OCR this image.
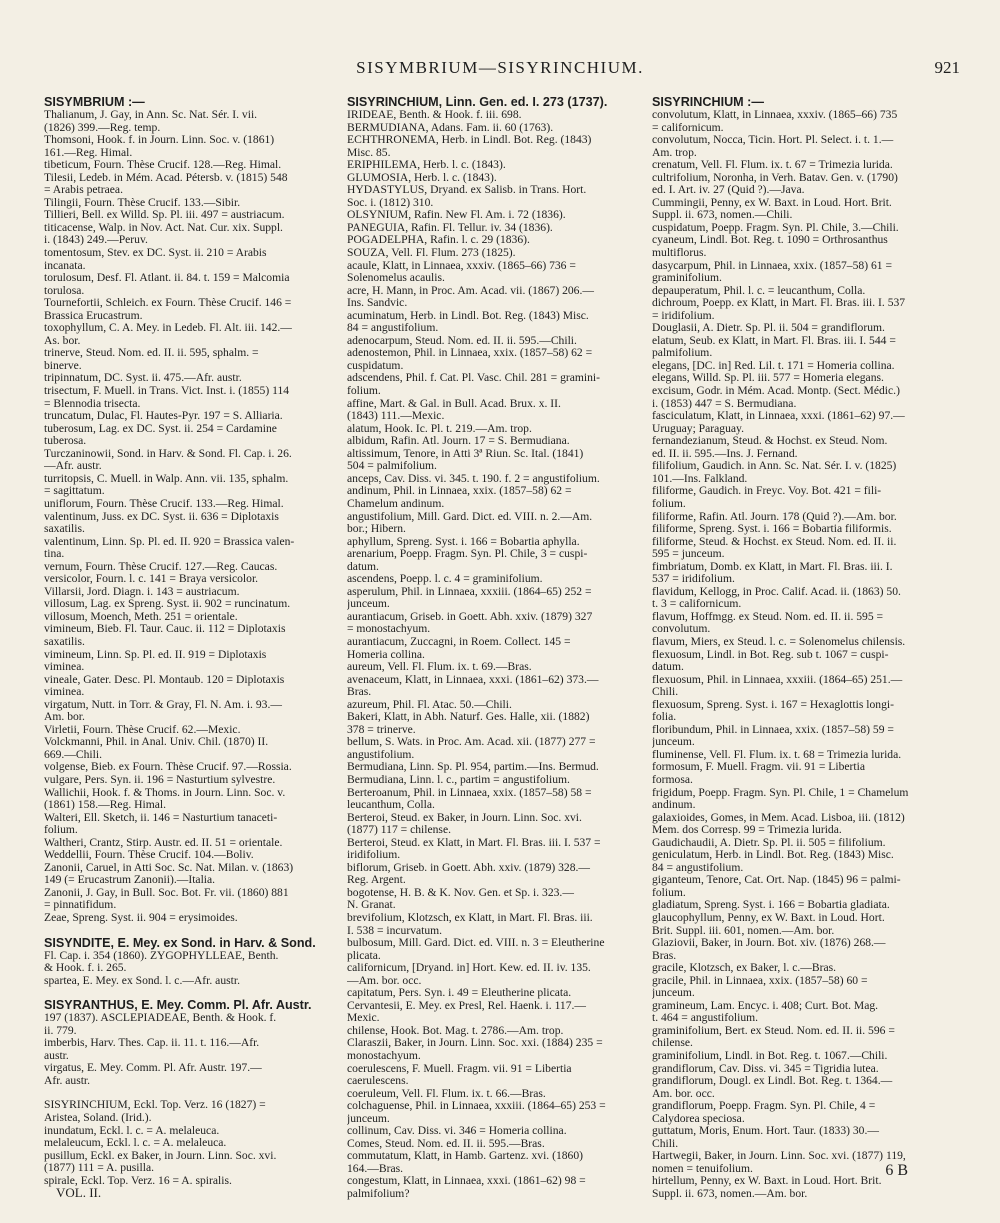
SISYMBRIUM—SISYRINCHIUM.	921
SISYMBRIUM :—
Thalianum, J. Gay, in Ann. Sc. Nat. Sér. I. vii.
(1826) 399.—Reg. temp.
Thomsoni, Hook. f. in Journ. Linn. Soc. v. (1861)
161.—Reg. Himal.
tibeticum, Fourn. Thèse Crucif. 128.—Reg. Himal.
Tilesii, Ledeb. in Mém. Acad. Pétersb. v. (1815) 548
= Arabis petraea.
Tilingii, Fourn. Thèse Crucif. 133.—Sibir.
Tillieri, Bell. ex Willd. Sp. Pl. iii. 497 = austriacum.
titicacense, Walp. in Nov. Act. Nat. Cur. xix. Suppl.
i. (1843) 249.—Peruv.
tomentosum, Stev. ex DC. Syst. ii. 210 = Arabis
incanata.
torulosum, Desf. Fl. Atlant. ii. 84. t. 159 = Malcomia
torulosa.
Tournefortii, Schleich. ex Fourn. Thèse Crucif. 146 =
Brassica Erucastrum.
toxophyllum, C. A. Mey. in Ledeb. Fl. Alt. iii. 142.—
As. bor.
trinerve, Steud. Nom. ed. II. ii. 595, sphalm. =
binerve.
tripinnatum, DC. Syst. ii. 475.—Afr. austr.
trisectum, F. Muell. in Trans. Vict. Inst. i. (1855) 114
= Blennodia trisecta.
truncatum, Dulac, Fl. Hautes-Pyr. 197 = S. Alliaria.
tuberosum, Lag. ex DC. Syst. ii. 254 = Cardamine
tuberosa.
Turczaninowii, Sond. in Harv. & Sond. Fl. Cap. i. 26.
—Afr. austr.
turritopsis, C. Muell. in Walp. Ann. vii. 135, sphalm.
= sagittatum.
uniflorum, Fourn. Thèse Crucif. 133.—Reg. Himal.
valentinum, Juss. ex DC. Syst. ii. 636 = Diplotaxis
saxatilis.
valentinum, Linn. Sp. Pl. ed. II. 920 = Brassica valen-
tina.
vernum, Fourn. Thèse Crucif. 127.—Reg. Caucas.
versicolor, Fourn. l. c. 141 = Braya versicolor.
Villarsii, Jord. Diagn. i. 143 = austriacum.
villosum, Lag. ex Spreng. Syst. ii. 902 = runcinatum.
villosum, Moench, Meth. 251 = orientale.
vimineum, Bieb. Fl. Taur. Cauc. ii. 112 = Diplotaxis
saxatilis.
vimineum, Linn. Sp. Pl. ed. II. 919 = Diplotaxis
viminea.
vineale, Gater. Desc. Pl. Montaub. 120 = Diplotaxis
viminea.
virgatum, Nutt. in Torr. & Gray, Fl. N. Am. i. 93.—
Am. bor.
Virletii, Fourn. Thèse Crucif. 62.—Mexic.
Volckmanni, Phil. in Anal. Univ. Chil. (1870) II.
669.—Chili.
volgense, Bieb. ex Fourn. Thèse Crucif. 97.—Rossia.
vulgare, Pers. Syn. ii. 196 = Nasturtium sylvestre.
Wallichii, Hook. f. & Thoms. in Journ. Linn. Soc. v.
(1861) 158.—Reg. Himal.
Walteri, Ell. Sketch, ii. 146 = Nasturtium tanaceti-
folium.
Waltheri, Crantz, Stirp. Austr. ed. II. 51 = orientale.
Weddellii, Fourn. Thèse Crucif. 104.—Boliv.
Zanonii, Caruel, in Atti Soc. Sc. Nat. Milan. v. (1863)
149 (= Erucastrum Zanonii).—Italia.
Zanonii, J. Gay, in Bull. Soc. Bot. Fr. vii. (1860) 881
= pinnatifidum.
Zeae, Spreng. Syst. ii. 904 = erysimoides.
SISYNDITE, E. Mey. ex Sond. in Harv. & Sond.
Fl. Cap. i. 354 (1860). ZYGOPHYLLEAE, Benth.
& Hook. f. i. 265.
spartea, E. Mey. ex Sond. l. c.—Afr. austr.
SISYRANTHUS, E. Mey. Comm. Pl. Afr. Austr.
197 (1837). ASCLEPIADEAE, Benth. & Hook. f.
ii. 779.
imberbis, Harv. Thes. Cap. ii. 11. t. 116.—Afr.
austr.
virgatus, E. Mey. Comm. Pl. Afr. Austr. 197.—
Afr. austr.
SISYRINCHIUM, Eckl. Top. Verz. 16 (1827) =
Aristea, Soland. (Irid.).
inundatum, Eckl. l. c. = A. melaleuca.
melaleucum, Eckl. l. c. = A. melaleuca.
pusillum, Eckl. ex Baker, in Journ. Linn. Soc. xvi.
(1877) 111 = A. pusilla.
spirale, Eckl. Top. Verz. 16 = A. spiralis.
VOL. II.
SISYRINCHIUM, Linn. Gen. ed. I. 273 (1737).
IRIDEAE, Benth. & Hook. f. iii. 698.
BERMUDIANA, Adans. Fam. ii. 60 (1763).
ECHTHRONEMA, Herb. in Lindl. Bot. Reg. (1843)
Misc. 85.
ERIPHILEMA, Herb. l. c. (1843).
GLUMOSIA, Herb. l. c. (1843).
HYDASTYLUS, Dryand. ex Salisb. in Trans. Hort.
Soc. i. (1812) 310.
OLSYNIUM, Rafin. New Fl. Am. i. 72 (1836).
PANEGUIA, Rafin. Fl. Tellur. iv. 34 (1836).
POGADELPHA, Rafin. l. c. 29 (1836).
SOUZA, Vell. Fl. Flum. 273 (1825).
acaule, Klatt, in Linnaea, xxxiv. (1865–66) 736 =
Solenomelus acaulis.
acre, H. Mann, in Proc. Am. Acad. vii. (1867) 206.—
Ins. Sandvic.
acuminatum, Herb. in Lindl. Bot. Reg. (1843) Misc.
84 = angustifolium.
adenocarpum, Steud. Nom. ed. II. ii. 595.—Chili.
adenostemon, Phil. in Linnaea, xxix. (1857–58) 62 =
cuspidatum.
adscendens, Phil. f. Cat. Pl. Vasc. Chil. 281 = gramini-
folium.
affine, Mart. & Gal. in Bull. Acad. Brux. x. II.
(1843) 111.—Mexic.
alatum, Hook. Ic. Pl. t. 219.—Am. trop.
albidum, Rafin. Atl. Journ. 17 = S. Bermudiana.
altissimum, Tenore, in Atti 3ª Riun. Sc. Ital. (1841)
504 = palmifolium.
anceps, Cav. Diss. vi. 345. t. 190. f. 2 = angustifolium.
andinum, Phil. in Linnaea, xxix. (1857–58) 62 =
Chamelum andinum.
angustifolium, Mill. Gard. Dict. ed. VIII. n. 2.—Am.
bor.; Hibern.
aphyllum, Spreng. Syst. i. 166 = Bobartia aphylla.
arenarium, Poepp. Fragm. Syn. Pl. Chile, 3 = cuspi-
datum.
ascendens, Poepp. l. c. 4 = graminifolium.
asperulum, Phil. in Linnaea, xxxiii. (1864–65) 252 =
junceum.
aurantiacum, Griseb. in Goett. Abh. xxiv. (1879) 327
= monostachyum.
aurantiacum, Zuccagni, in Roem. Collect. 145 =
Homeria collina.
aureum, Vell. Fl. Flum. ix. t. 69.—Bras.
avenaceum, Klatt, in Linnaea, xxxi. (1861–62) 373.—
Bras.
azureum, Phil. Fl. Atac. 50.—Chili.
Bakeri, Klatt, in Abh. Naturf. Ges. Halle, xii. (1882)
378 = trinerve.
bellum, S. Wats. in Proc. Am. Acad. xii. (1877) 277 =
angustifolium.
Bermudiana, Linn. Sp. Pl. 954, partim.—Ins. Bermud.
Bermudiana, Linn. l. c., partim = angustifolium.
Berteroanum, Phil. in Linnaea, xxix. (1857–58) 58 =
leucanthum, Colla.
Berteroi, Steud. ex Baker, in Journ. Linn. Soc. xvi.
(1877) 117 = chilense.
Berteroi, Steud. ex Klatt, in Mart. Fl. Bras. iii. I. 537 =
iridifolium.
biflorum, Griseb. in Goett. Abh. xxiv. (1879) 328.—
Reg. Argent.
bogotense, H. B. & K. Nov. Gen. et Sp. i. 323.—
N. Granat.
brevifolium, Klotzsch, ex Klatt, in Mart. Fl. Bras. iii.
I. 538 = incurvatum.
bulbosum, Mill. Gard. Dict. ed. VIII. n. 3 = Eleutherine
plicata.
californicum, [Dryand. in] Hort. Kew. ed. II. iv. 135.
—Am. bor. occ.
capitatum, Pers. Syn. i. 49 = Eleutherine plicata.
Cervantesii, E. Mey. ex Presl, Rel. Haenk. i. 117.—
Mexic.
chilense, Hook. Bot. Mag. t. 2786.—Am. trop.
Claraszii, Baker, in Journ. Linn. Soc. xxi. (1884) 235 =
monostachyum.
coerulescens, F. Muell. Fragm. vii. 91 = Libertia
caerulescens.
coeruleum, Vell. Fl. Flum. ix. t. 66.—Bras.
colchaguense, Phil. in Linnaea, xxxiii. (1864–65) 253 =
junceum.
collinum, Cav. Diss. vi. 346 = Homeria collina.
Comes, Steud. Nom. ed. II. ii. 595.—Bras.
commutatum, Klatt, in Hamb. Gartenz. xvi. (1860)
164.—Bras.
congestum, Klatt, in Linnaea, xxxi. (1861–62) 98 =
palmifolium?
SISYRINCHIUM :—
convolutum, Klatt, in Linnaea, xxxiv. (1865–66) 735
= californicum.
convolutum, Nocca, Ticin. Hort. Pl. Select. i. t. 1.—
Am. trop.
crenatum, Vell. Fl. Flum. ix. t. 67 = Trimezia lurida.
cultrifolium, Noronha, in Verh. Batav. Gen. v. (1790)
ed. I. Art. iv. 27 (Quid ?).—Java.
Cummingii, Penny, ex W. Baxt. in Loud. Hort. Brit.
Suppl. ii. 673, nomen.—Chili.
cuspidatum, Poepp. Fragm. Syn. Pl. Chile, 3.—Chili.
cyaneum, Lindl. Bot. Reg. t. 1090 = Orthrosanthus
multiflorus.
dasycarpum, Phil. in Linnaea, xxix. (1857–58) 61 =
graminifolium.
depauperatum, Phil. l. c. = leucanthum, Colla.
dichroum, Poepp. ex Klatt, in Mart. Fl. Bras. iii. I. 537
= iridifolium.
Douglasii, A. Dietr. Sp. Pl. ii. 504 = grandiflorum.
elatum, Seub. ex Klatt, in Mart. Fl. Bras. iii. I. 544 =
palmifolium.
elegans, [DC. in] Red. Lil. t. 171 = Homeria collina.
elegans, Willd. Sp. Pl. iii. 577 = Homeria elegans.
excisum, Godr. in Mém. Acad. Montp. (Sect. Médic.)
i. (1853) 447 = S. Bermudiana.
fasciculatum, Klatt, in Linnaea, xxxi. (1861–62) 97.—
Uruguay; Paraguay.
fernandezianum, Steud. & Hochst. ex Steud. Nom.
ed. II. ii. 595.—Ins. J. Fernand.
filifolium, Gaudich. in Ann. Sc. Nat. Sér. I. v. (1825)
101.—Ins. Falkland.
filiforme, Gaudich. in Freyc. Voy. Bot. 421 = fili-
folium.
filiforme, Rafin. Atl. Journ. 178 (Quid ?).—Am. bor.
filiforme, Spreng. Syst. i. 166 = Bobartia filiformis.
filiforme, Steud. & Hochst. ex Steud. Nom. ed. II. ii.
595 = junceum.
fimbriatum, Domb. ex Klatt, in Mart. Fl. Bras. iii. I.
537 = iridifolium.
flavidum, Kellogg, in Proc. Calif. Acad. ii. (1863) 50.
t. 3 = californicum.
flavum, Hoffmgg. ex Steud. Nom. ed. II. ii. 595 =
convolutum.
flavum, Miers, ex Steud. l. c. = Solenomelus chilensis.
flexuosum, Lindl. in Bot. Reg. sub t. 1067 = cuspi-
datum.
flexuosum, Phil. in Linnaea, xxxiii. (1864–65) 251.—
Chili.
flexuosum, Spreng. Syst. i. 167 = Hexaglottis longi-
folia.
floribundum, Phil. in Linnaea, xxix. (1857–58) 59 =
junceum.
fluminense, Vell. Fl. Flum. ix. t. 68 = Trimezia lurida.
formosum, F. Muell. Fragm. vii. 91 = Libertia
formosa.
frigidum, Poepp. Fragm. Syn. Pl. Chile, 1 = Chamelum
andinum.
galaxioides, Gomes, in Mem. Acad. Lisboa, iii. (1812)
Mem. dos Corresp. 99 = Trimezia lurida.
Gaudichaudii, A. Dietr. Sp. Pl. ii. 505 = filifolium.
geniculatum, Herb. in Lindl. Bot. Reg. (1843) Misc.
84 = angustifolium.
giganteum, Tenore, Cat. Ort. Nap. (1845) 96 = palmi-
folium.
gladiatum, Spreng. Syst. i. 166 = Bobartia gladiata.
glaucophyllum, Penny, ex W. Baxt. in Loud. Hort.
Brit. Suppl. iii. 601, nomen.—Am. bor.
Glaziovii, Baker, in Journ. Bot. xiv. (1876) 268.—
Bras.
gracile, Klotzsch, ex Baker, l. c.—Bras.
gracile, Phil. in Linnaea, xxix. (1857–58) 60 =
junceum.
gramineum, Lam. Encyc. i. 408; Curt. Bot. Mag.
t. 464 = angustifolium.
graminifolium, Bert. ex Steud. Nom. ed. II. ii. 596 =
chilense.
graminifolium, Lindl. in Bot. Reg. t. 1067.—Chili.
grandiflorum, Cav. Diss. vi. 345 = Tigridia lutea.
grandiflorum, Dougl. ex Lindl. Bot. Reg. t. 1364.—
Am. bor. occ.
grandiflorum, Poepp. Fragm. Syn. Pl. Chile, 4 =
Calydorea speciosa.
guttatum, Moris, Enum. Hort. Taur. (1833) 30.—
Chili.
Hartwegii, Baker, in Journ. Linn. Soc. xvi. (1877) 119,
nomen = tenuifolium.
hirtellum, Penny, ex W. Baxt. in Loud. Hort. Brit.
Suppl. ii. 673, nomen.—Am. bor.
6 B
